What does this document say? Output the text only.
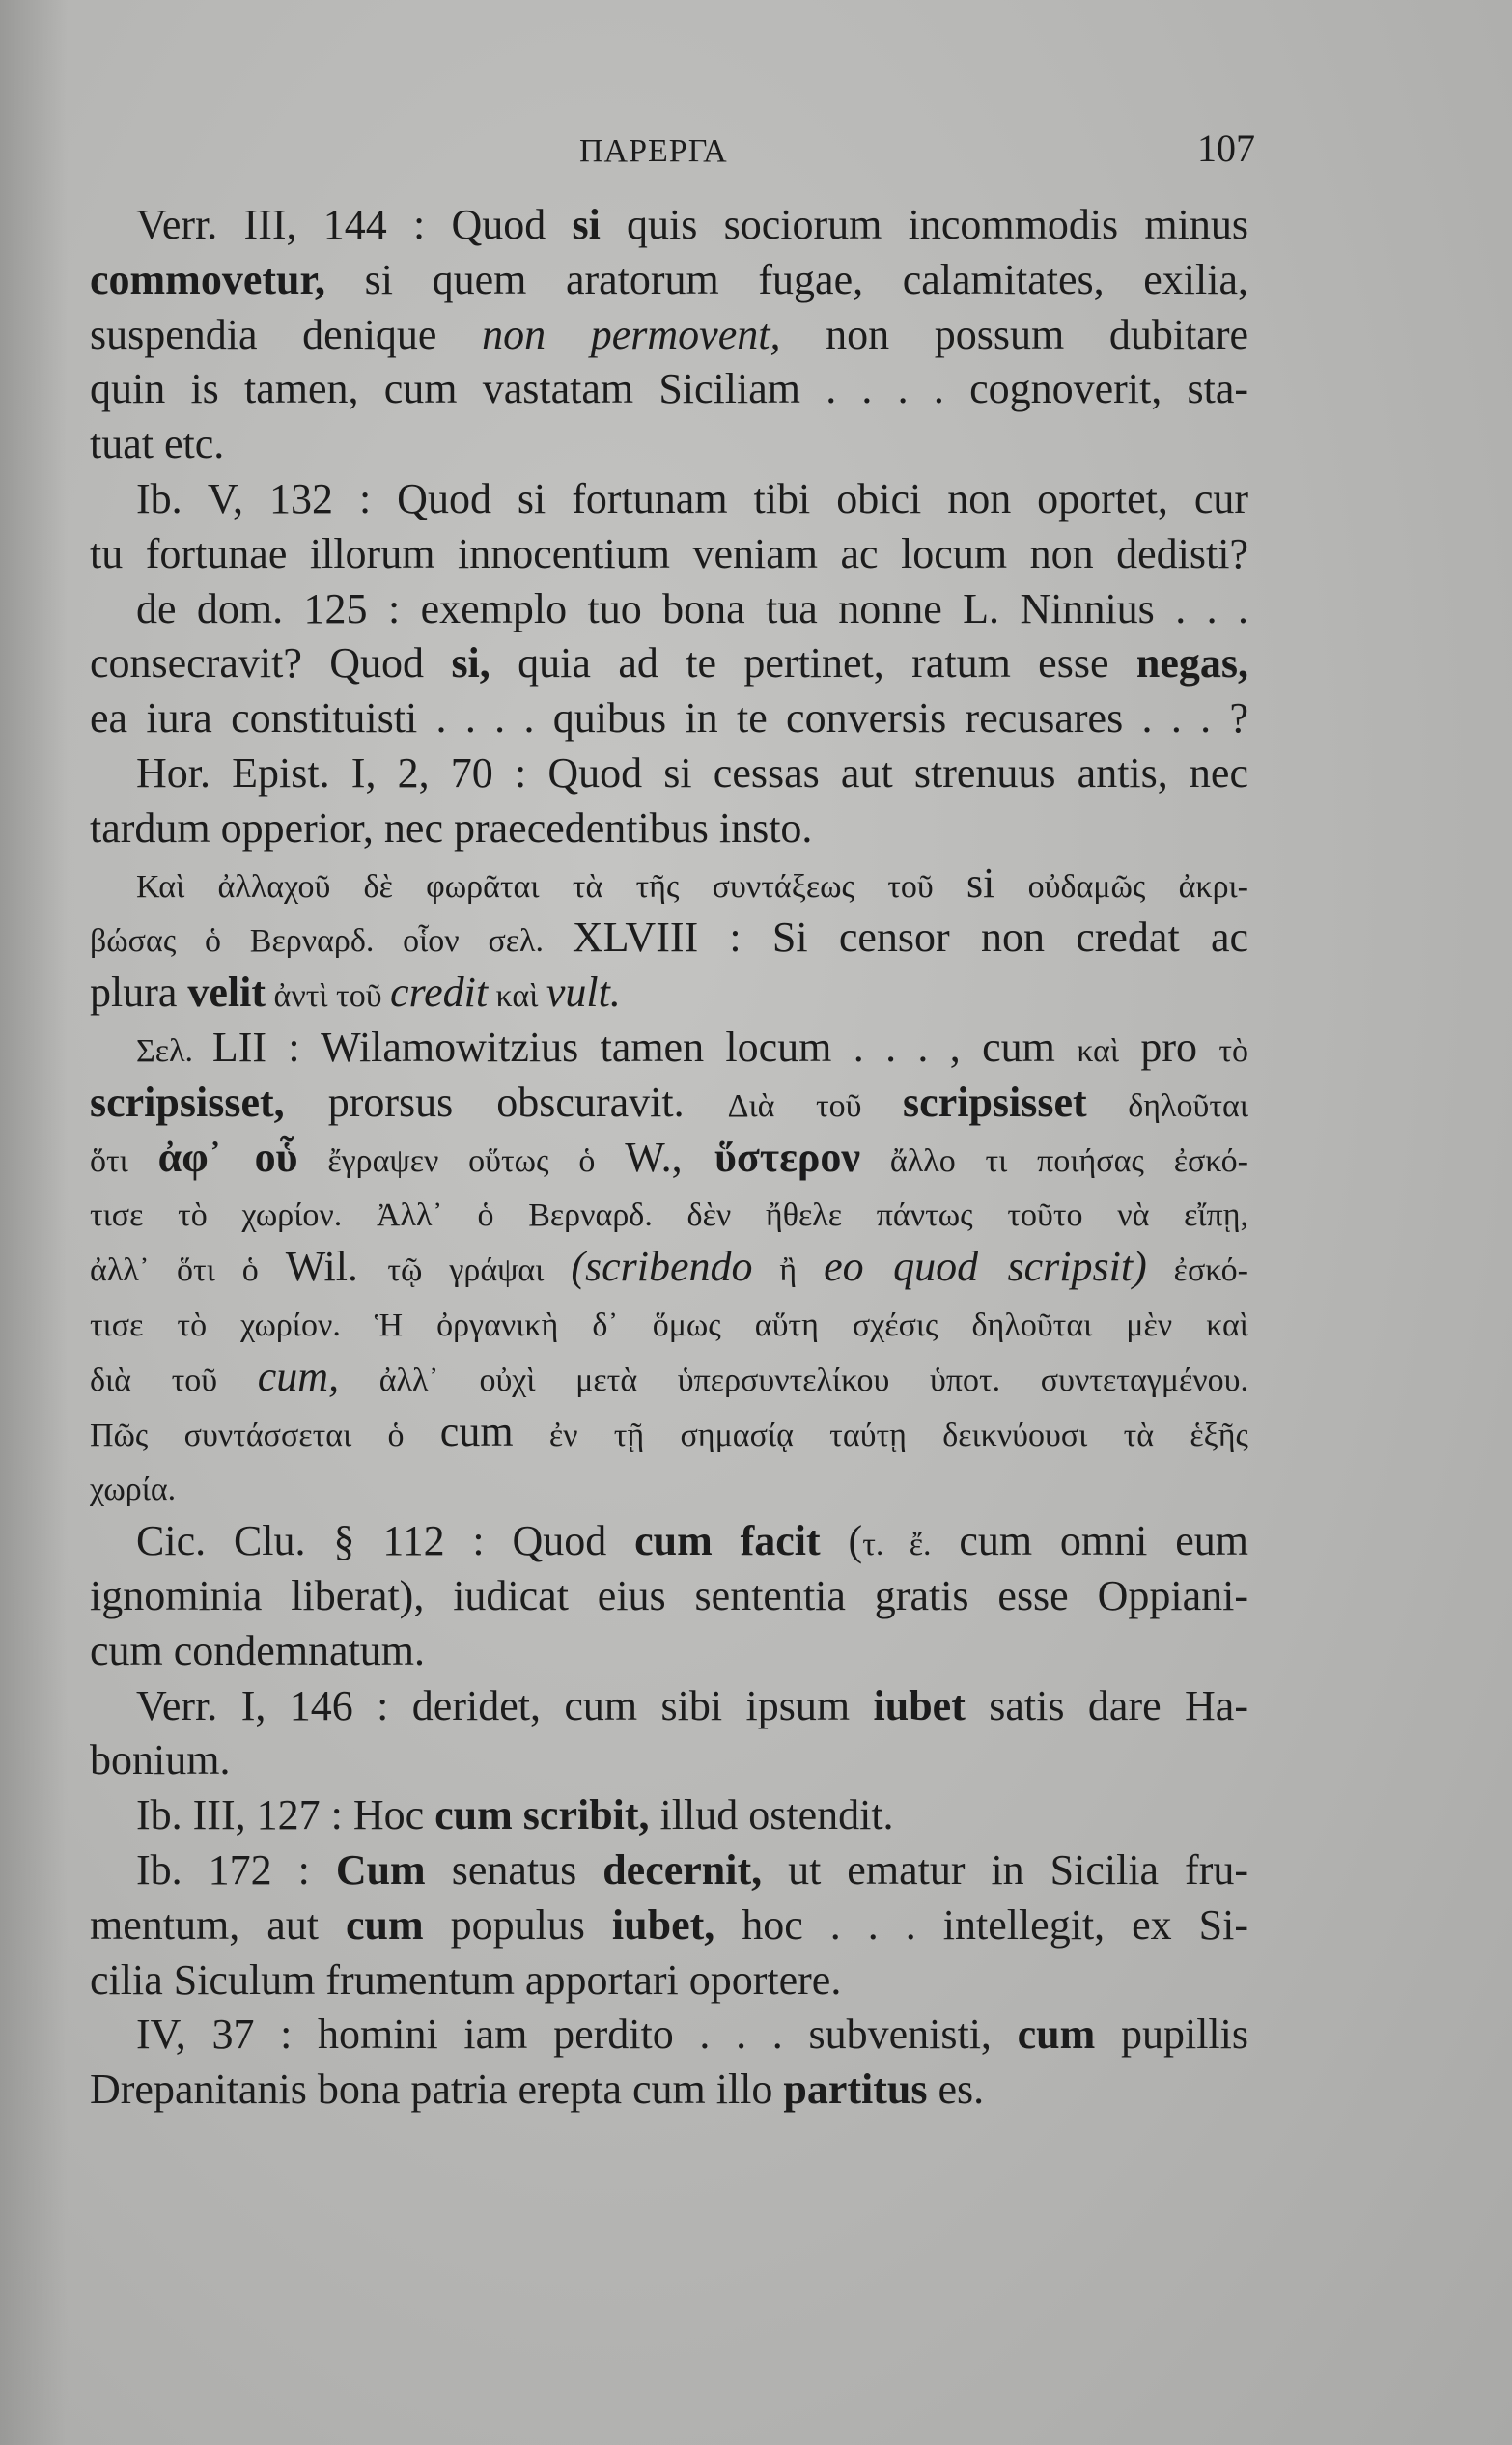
ΠΑΡΕΡΓΑ	107
Verr. III, 144 : Quod si quis sociorum incommodis minus
commovetur, si quem aratorum fugae, calamitates, exilia,
suspendia denique non permovent, non possum dubitare
quin is tamen, cum vastatam Siciliam . . . . cognoverit, sta-
tuat etc.
Ib. V, 132 : Quod si fortunam tibi obici non oportet, cur
tu fortunae illorum innocentium veniam ac locum non dedisti?
de dom. 125 : exemplo tuo bona tua nonne L. Ninnius . . .
consecravit? Quod si, quia ad te pertinet, ratum esse negas,
ea iura constituisti . . . . quibus in te conversis recusares . . . ?
Hor. Epist. I, 2, 70 : Quod si cessas aut strenuus antis, nec
tardum opperior, nec praecedentibus insto.
Καὶ ἀλλαχοῦ δὲ φωρᾶται τὰ τῆς συντάξεως τοῦ si οὐδαμῶς ἀκρι-
βώσας ὁ Βερναρδ. οἷον σελ. XLVIII : Si censor non credat ac
plura velit ἀντὶ τοῦ credit καὶ vult.
Σελ. LII : Wilamowitzius tamen locum . . . , cum καὶ pro τὸ
scripsisset, prorsus obscuravit. Διὰ τοῦ scripsisset δηλοῦται
ὅτι ἀφ᾽ οὗ ἔγραψεν οὕτως ὁ W., ὕστερον ἄλλο τι ποιήσας ἐσκό-
τισε τὸ χωρίον. Ἀλλ᾽ ὁ Βερναρδ. δὲν ἤθελε πάντως τοῦτο νὰ εἴπῃ,
ἀλλ᾽ ὅτι ὁ Wil. τῷ γράψαι (scribendo ἢ eo quod scripsit) ἐσκό-
τισε τὸ χωρίον. Ἡ ὀργανικὴ δ᾽ ὅμως αὕτη σχέσις δηλοῦται μὲν καὶ
διὰ τοῦ cum, ἀλλ᾽ οὐχὶ μετὰ ὑπερσυντελίκου ὑποτ. συντεταγμένου.
Πῶς συντάσσεται ὁ cum ἐν τῇ σημασίᾳ ταύτῃ δεικνύουσι τὰ ἑξῆς
χωρία.
Cic. Clu. § 112 : Quod cum facit (τ. ἔ. cum omni eum
ignominia liberat), iudicat eius sententia gratis esse Oppiani-
cum condemnatum.
Verr. I, 146 : deridet, cum sibi ipsum iubet satis dare Ha-
bonium.
Ib. III, 127 : Hoc cum scribit, illud ostendit.
Ib. 172 : Cum senatus decernit, ut ematur in Sicilia fru-
mentum, aut cum populus iubet, hoc . . . intellegit, ex Si-
cilia Siculum frumentum apportari oportere.
IV, 37 : homini iam perdito . . . subvenisti, cum pupillis
Drepanitanis bona patria erepta cum illo partitus es.
